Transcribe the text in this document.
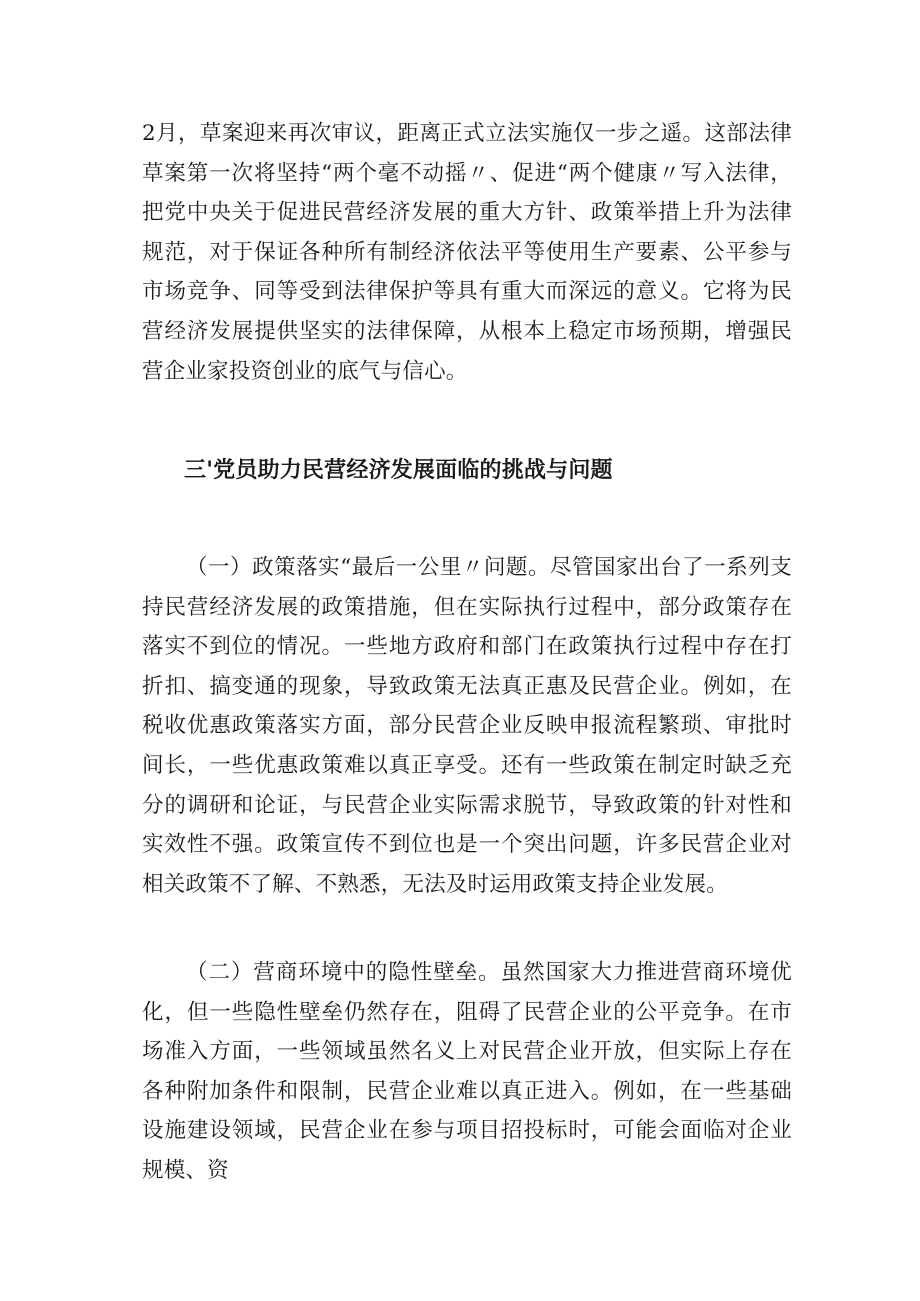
2月，草案迎来再次审议，距离正式立法实施仅一步之遥。这部法律草案第一次将坚持“两个毫不动摇〃、促进“两个健康〃写入法律，把党中央关于促进民营经济发展的重大方针、政策举措上升为法律规范，对于保证各种所有制经济依法平等使用生产要素、公平参与市场竞争、同等受到法律保护等具有重大而深远的意义。它将为民营经济发展提供坚实的法律保障，从根本上稳定市场预期，增强民营企业家投资创业的底气与信心。

三'党员助力民营经济发展面临的挑战与问题

（一）政策落实“最后一公里〃问题。尽管国家出台了一系列支持民营经济发展的政策措施，但在实际执行过程中，部分政策存在落实不到位的情况。一些地方政府和部门在政策执行过程中存在打折扣、搞变通的现象，导致政策无法真正惠及民营企业。例如，在税收优惠政策落实方面，部分民营企业反映申报流程繁琐、审批时间长，一些优惠政策难以真正享受。还有一些政策在制定时缺乏充分的调研和论证，与民营企业实际需求脱节，导致政策的针对性和实效性不强。政策宣传不到位也是一个突出问题，许多民营企业对相关政策不了解、不熟悉，无法及时运用政策支持企业发展。

（二）营商环境中的隐性壁垒。虽然国家大力推进营商环境优化，但一些隐性壁垒仍然存在，阻碍了民营企业的公平竞争。在市场准入方面，一些领域虽然名义上对民营企业开放，但实际上存在各种附加条件和限制，民营企业难以真正进入。例如，在一些基础设施建设领域，民营企业在参与项目招投标时，可能会面临对企业规模、资
